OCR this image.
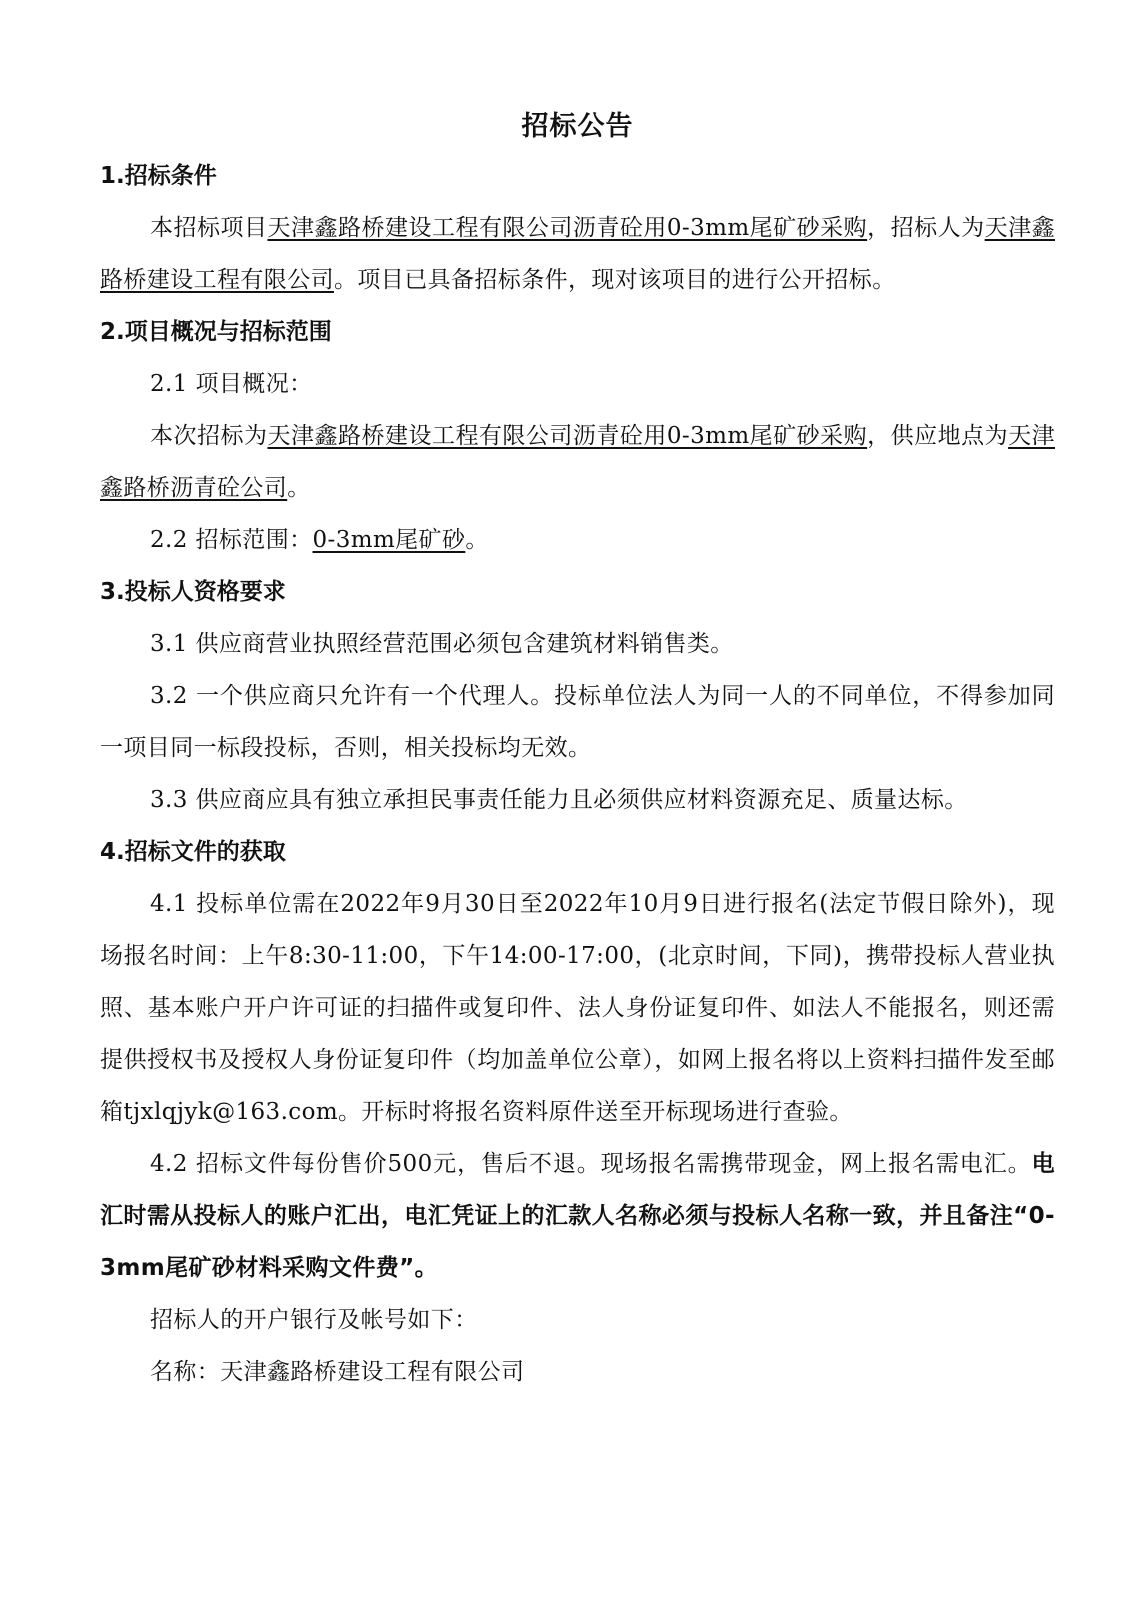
招标公告
1.招标条件

本招标项目天津鑫路桥建设工程有限公司沥青砼用0-3mm尾矿砂采购，招标人为天津鑫路桥建设工程有限公司。项目已具备招标条件，现对该项目的进行公开招标。

2.项目概况与招标范围

2.1 项目概况：

本次招标为天津鑫路桥建设工程有限公司沥青砼用0-3mm尾矿砂采购，供应地点为天津鑫路桥沥青砼公司。

2.2 招标范围：0-3mm尾矿砂。

3.投标人资格要求

3.1 供应商营业执照经营范围必须包含建筑材料销售类。

3.2 一个供应商只允许有一个代理人。投标单位法人为同一人的不同单位，不得参加同一项目同一标段投标，否则，相关投标均无效。

3.3 供应商应具有独立承担民事责任能力且必须供应材料资源充足、质量达标。

4.招标文件的获取

4.1 投标单位需在2022年9月30日至2022年10月9日进行报名(法定节假日除外)，现场报名时间：上午8:30-11:00，下午14:00-17:00，(北京时间，下同)，携带投标人营业执照、基本账户开户许可证的扫描件或复印件、法人身份证复印件、如法人不能报名，则还需提供授权书及授权人身份证复印件（均加盖单位公章），如网上报名将以上资料扫描件发至邮箱tjxlqjyk@163.com。开标时将报名资料原件送至开标现场进行查验。

4.2 招标文件每份售价500元，售后不退。现场报名需携带现金，网上报名需电汇。电汇时需从投标人的账户汇出，电汇凭证上的汇款人名称必须与投标人名称一致，并且备注“0-3mm尾矿砂材料采购文件费”。

招标人的开户银行及帐号如下：

名称：天津鑫路桥建设工程有限公司
